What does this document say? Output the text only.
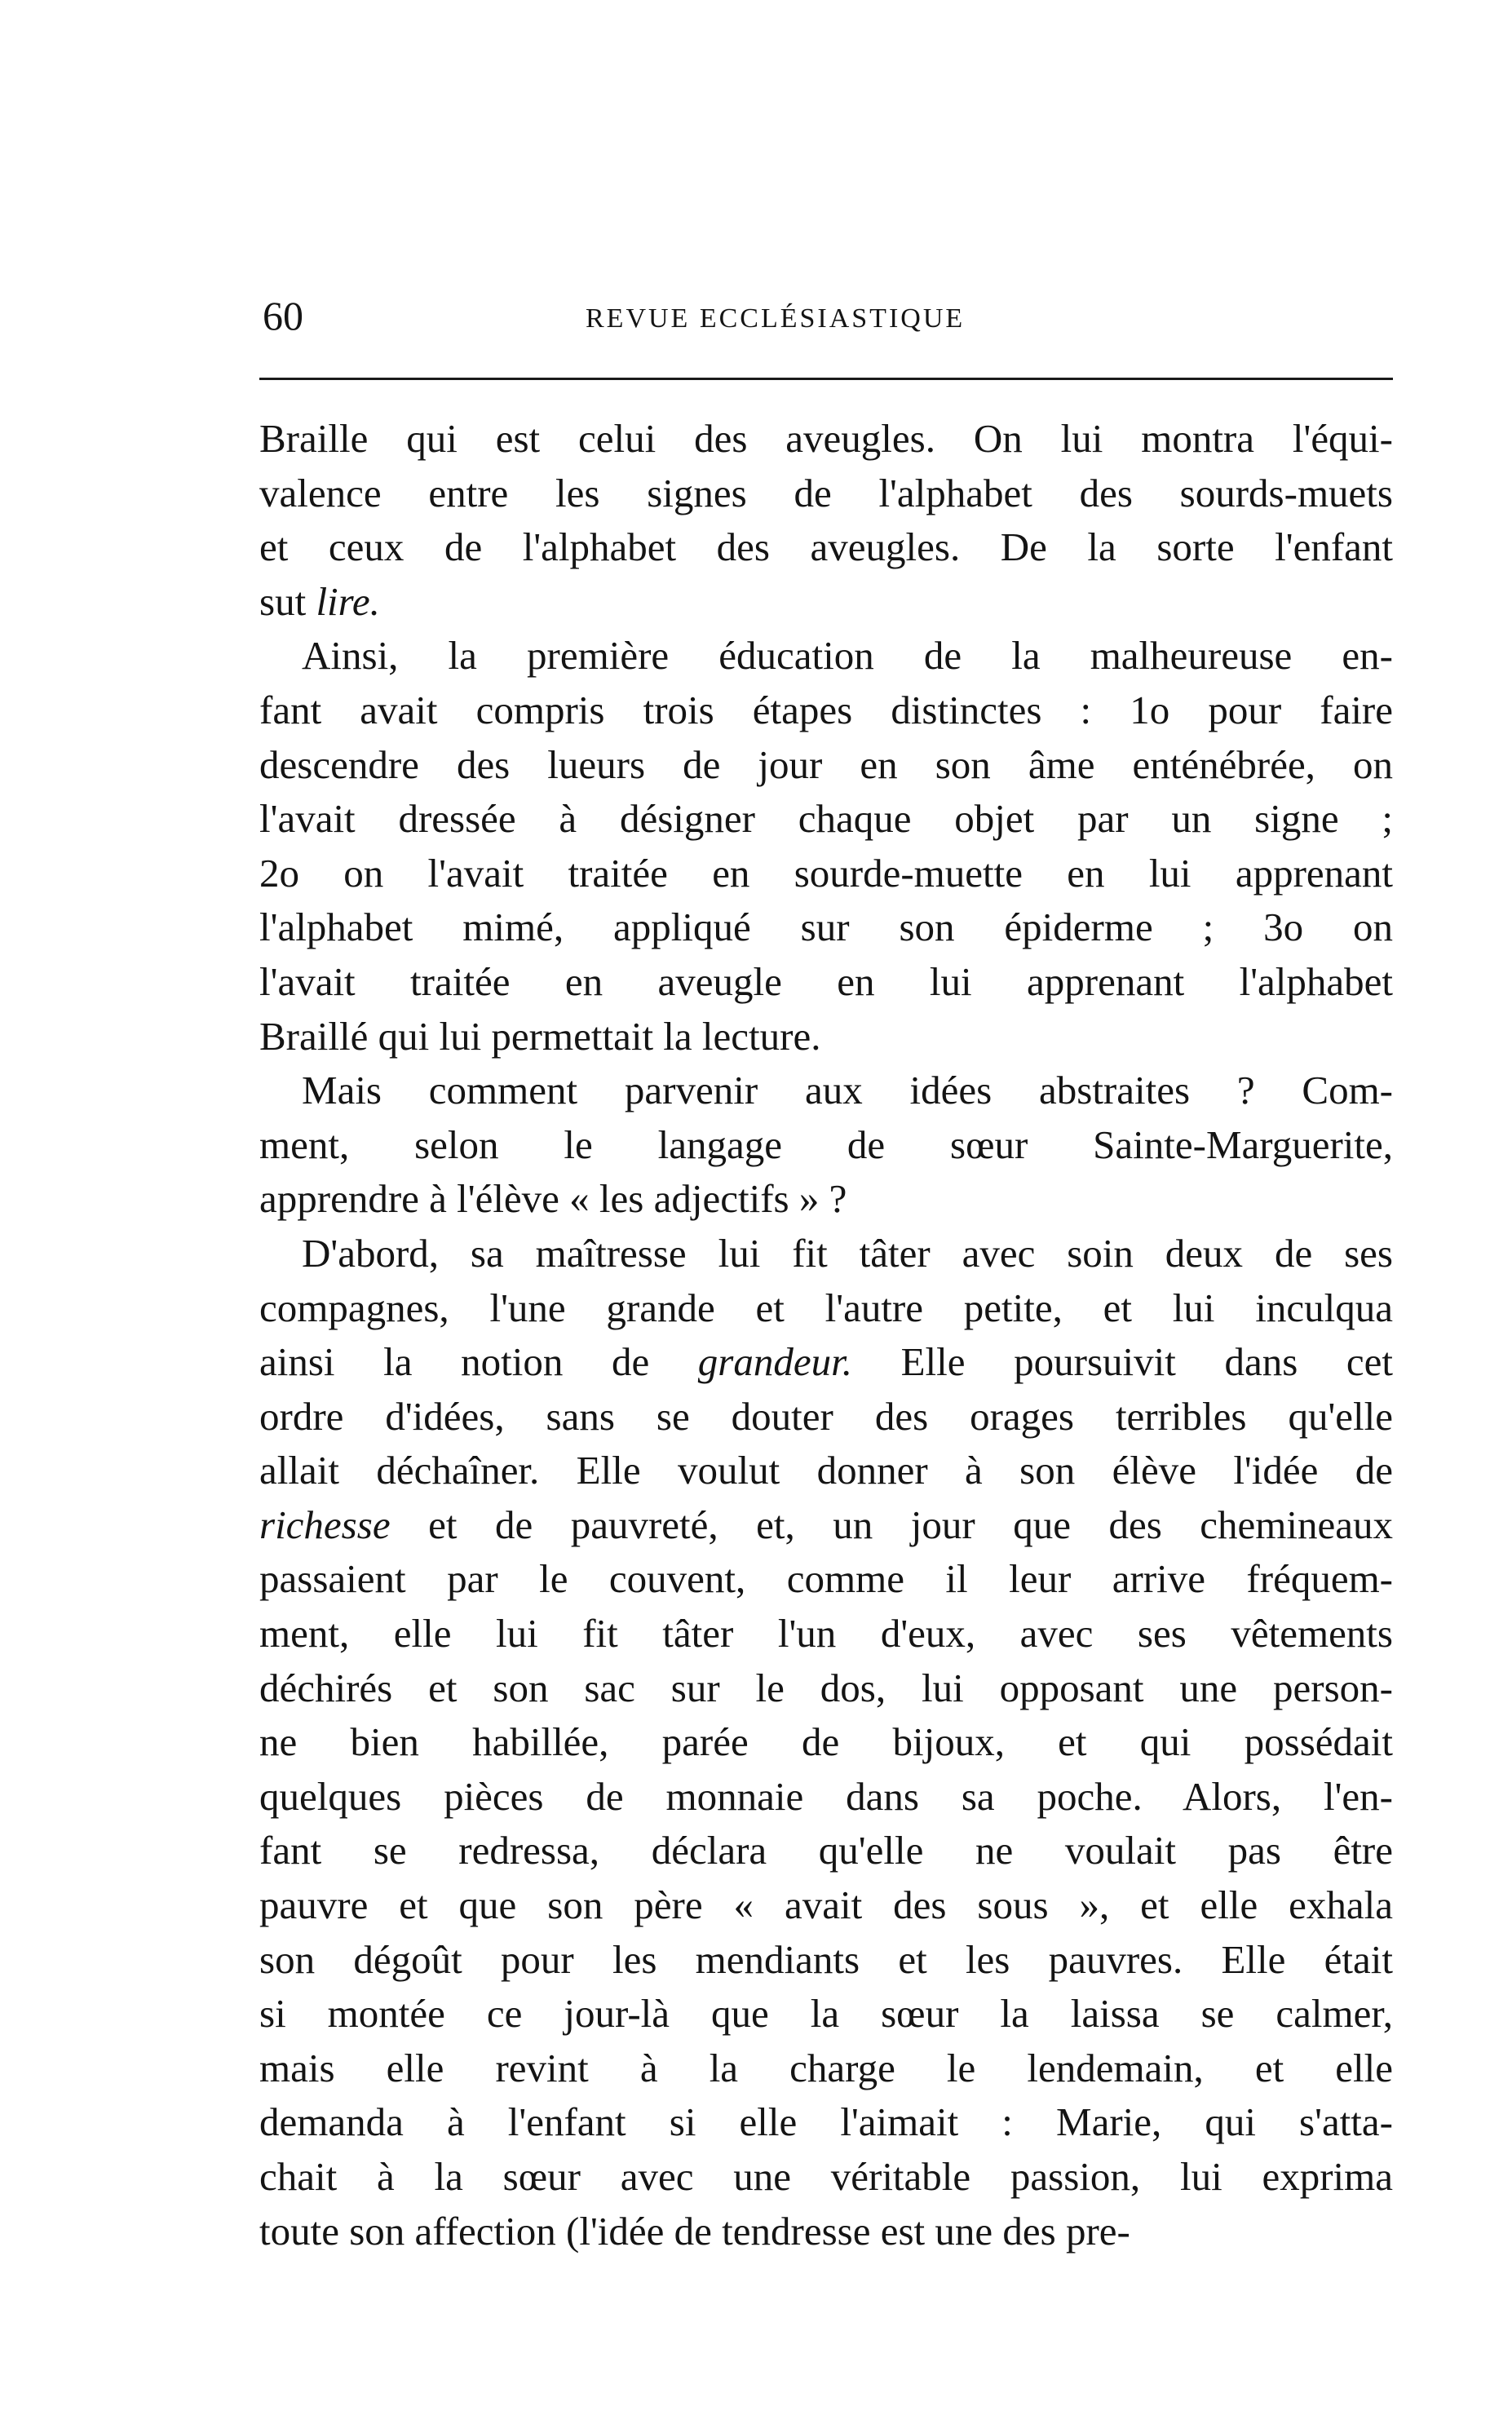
60	REVUE ECCLÉSIASTIQUE
Braille qui est celui des aveugles. On lui montra l'équi-
valence entre les signes de l'alphabet des sourds-muets
et ceux de l'alphabet des aveugles. De la sorte l'enfant
sut lire.
Ainsi, la première éducation de la malheureuse en-
fant avait compris trois étapes distinctes : 1o pour faire
descendre des lueurs de jour en son âme enténébrée, on
l'avait dressée à désigner chaque objet par un signe ;
2o on l'avait traitée en sourde-muette en lui apprenant
l'alphabet mimé, appliqué sur son épiderme ; 3o on
l'avait traitée en aveugle en lui apprenant l'alphabet
Braillé qui lui permettait la lecture.
Mais comment parvenir aux idées abstraites ? Com-
ment, selon le langage de sœur Sainte-Marguerite,
apprendre à l'élève « les adjectifs » ?
D'abord, sa maîtresse lui fit tâter avec soin deux de ses
compagnes, l'une grande et l'autre petite, et lui inculqua
ainsi la notion de grandeur. Elle poursuivit dans cet
ordre d'idées, sans se douter des orages terribles qu'elle
allait déchaîner. Elle voulut donner à son élève l'idée de
richesse et de pauvreté, et, un jour que des chemineaux
passaient par le couvent, comme il leur arrive fréquem-
ment, elle lui fit tâter l'un d'eux, avec ses vêtements
déchirés et son sac sur le dos, lui opposant une person-
ne bien habillée, parée de bijoux, et qui possédait
quelques pièces de monnaie dans sa poche. Alors, l'en-
fant se redressa, déclara qu'elle ne voulait pas être
pauvre et que son père « avait des sous », et elle exhala
son dégoût pour les mendiants et les pauvres. Elle était
si montée ce jour-là que la sœur la laissa se calmer,
mais elle revint à la charge le lendemain, et elle
demanda à l'enfant si elle l'aimait : Marie, qui s'atta-
chait à la sœur avec une véritable passion, lui exprima
toute son affection (l'idée de tendresse est une des pre-
